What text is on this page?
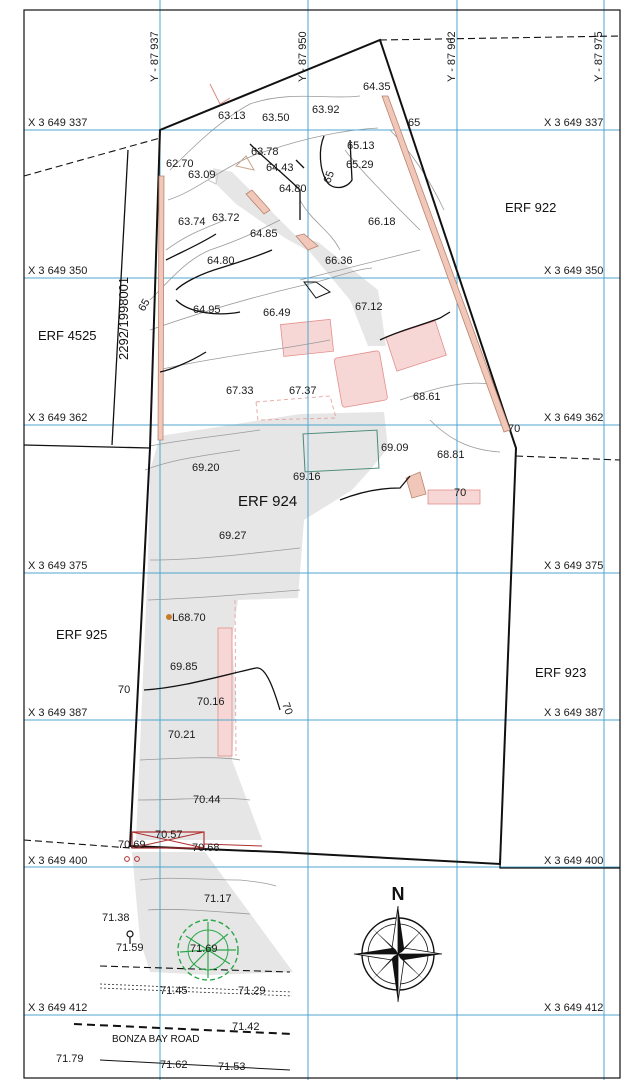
N
Y - 87 937	Y - 87 950	Y - 87 962	Y - 87 975
X 3 649 337	X 3 649 337
X 3 649 350	X 3 649 350
X 3 649 362	X 3 649 362
X 3 649 375	X 3 649 375
X 3 649 387	X 3 649 387
X 3 649 400	X 3 649 400
X 3 649 412	X 3 649 412
ERF 922
ERF 4525
ERF 924
ERF 925
ERF 923
2292/1998001
BONZA BAY ROAD
65
65
65
70
70
70
70
64.35
63.13 63.50
63.92
63.78	65.13
62.70
63.09
64.43	65.29
64.80
63.74 63.72
64.85
66.18
64.80	66.36
67.12
64.95	66.49
67.33	67.37	68.61
69.09
69.20
69.16
68.81
69.27
L68.70
69.85
70.16
70.21
70.44
70.57
70.69	70.68
71.17
71.38
71.59	71.69
71.45	71.29
71.42
71.79	71.62	71.53
